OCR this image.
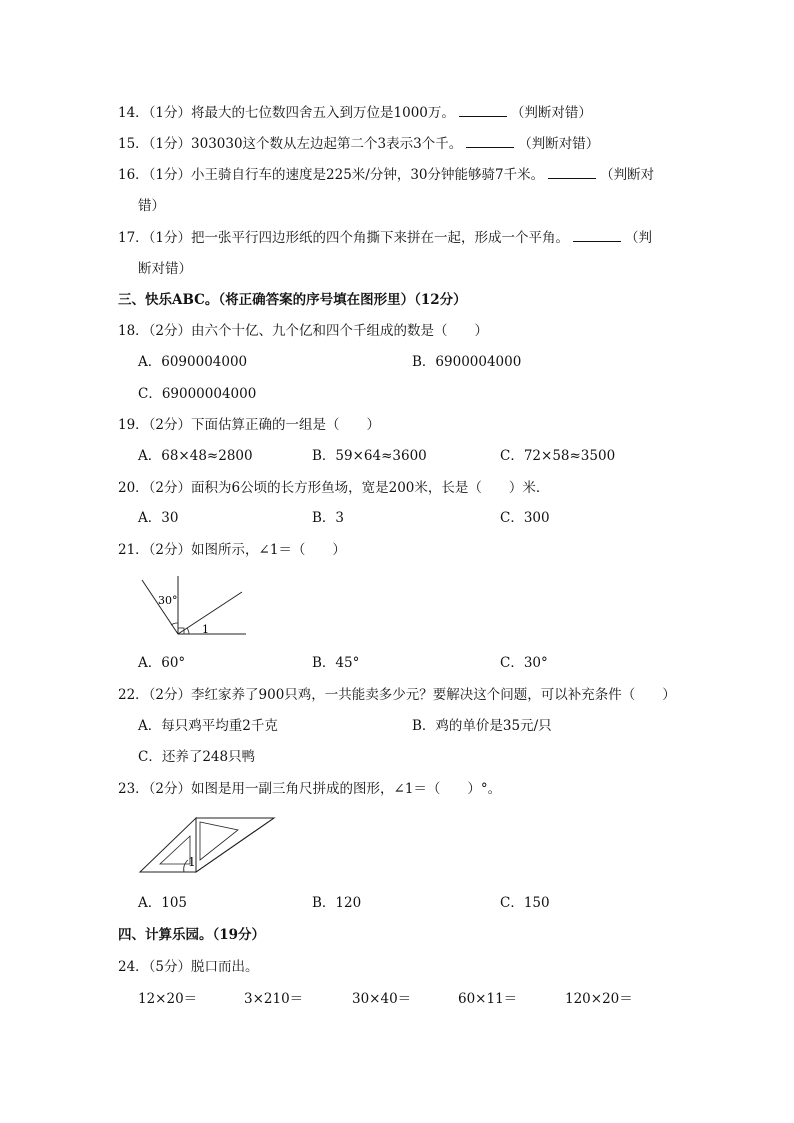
14．（1分）将最大的七位数四舍五入到万位是1000万。	（判断对错）
15．（1分）303030这个数从左边起第二个3表示3个千。	（判断对错）
16．（1分）小王骑自行车的速度是225米/分钟，30分钟能够骑7千米。	（判断对
错）
17．（1分）把一张平行四边形纸的四个角撕下来拼在一起，形成一个平角。	（判
断对错）
三、快乐ABC。（将正确答案的序号填在图形里）（12分）
18．（2分）由六个十亿、九个亿和四个千组成的数是（　　）
A．6090004000	B．6900004000
C．69000004000
19．（2分）下面估算正确的一组是（　　）
A．68×48≈2800	B．59×64≈3600	C．72×58≈3500
20．（2分）面积为6公顷的长方形鱼场，宽是200米，长是（　　）米．
A．30	B．3	C．300
21．（2分）如图所示，∠1＝（　　）
30°
1
A．60°	B．45°	C．30°
22．（2分）李红家养了900只鸡，一共能卖多少元？要解决这个问题，可以补充条件（　　）
A．每只鸡平均重2千克	B．鸡的单价是35元/只
C．还养了248只鸭
23．（2分）如图是用一副三角尺拼成的图形，∠1＝（　　）°。
1
A．105	B．120	C．150
四、计算乐园。（19分）
24．（5分）脱口而出。
12×20＝	3×210＝	30×40＝	60×11＝	120×20＝
